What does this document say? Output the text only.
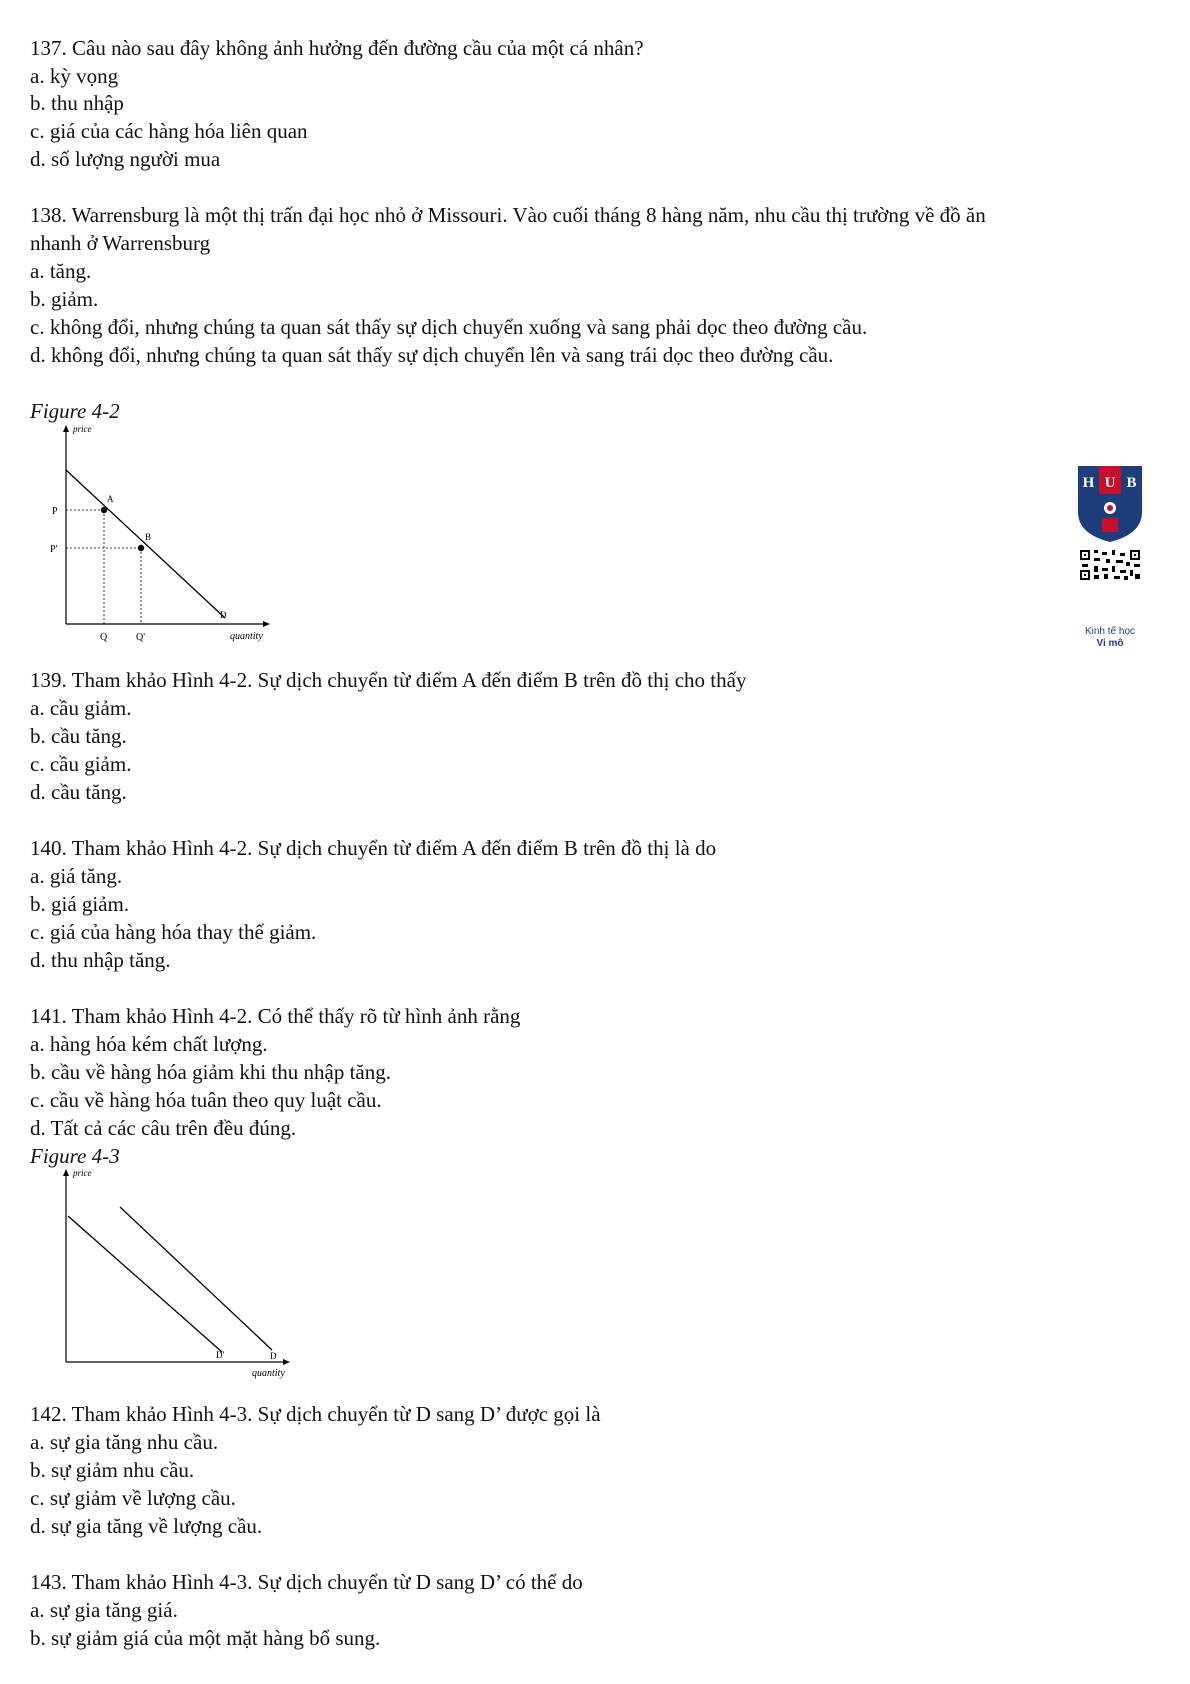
137. Câu nào sau đây không ảnh hưởng đến đường cầu của một cá nhân?
a. kỳ vọng
b. thu nhập
c. giá của các hàng hóa liên quan
d. số lượng người mua
138. Warrensburg là một thị trấn đại học nhỏ ở Missouri. Vào cuối tháng 8 hàng năm, nhu cầu thị trường về đồ ăn
nhanh ở Warrensburg
a. tăng.
b. giảm.
c. không đổi, nhưng chúng ta quan sát thấy sự dịch chuyển xuống và sang phải dọc theo đường cầu.
d. không đổi, nhưng chúng ta quan sát thấy sự dịch chuyển lên và sang trái dọc theo đường cầu.
Figure 4-2
price
quantity
A
B
P
P'
Q	Q'
D
H U B
Kinh tế học
Vi mô
139. Tham khảo Hình 4-2. Sự dịch chuyển từ điểm A đến điểm B trên đồ thị cho thấy
a. cầu giảm.
b. cầu tăng.
c. cầu giảm.
d. cầu tăng.
140. Tham khảo Hình 4-2. Sự dịch chuyển từ điểm A đến điểm B trên đồ thị là do
a. giá tăng.
b. giá giảm.
c. giá của hàng hóa thay thế giảm.
d. thu nhập tăng.
141. Tham khảo Hình 4-2. Có thể thấy rõ từ hình ảnh rằng
a. hàng hóa kém chất lượng.
b. cầu về hàng hóa giảm khi thu nhập tăng.
c. cầu về hàng hóa tuân theo quy luật cầu.
d. Tất cả các câu trên đều đúng.
Figure 4-3
price
quantity
D'	D
142. Tham khảo Hình 4-3. Sự dịch chuyển từ D sang D’ được gọi là
a. sự gia tăng nhu cầu.
b. sự giảm nhu cầu.
c. sự giảm về lượng cầu.
d. sự gia tăng về lượng cầu.
143. Tham khảo Hình 4-3. Sự dịch chuyển từ D sang D’ có thể do
a. sự gia tăng giá.
b. sự giảm giá của một mặt hàng bổ sung.
